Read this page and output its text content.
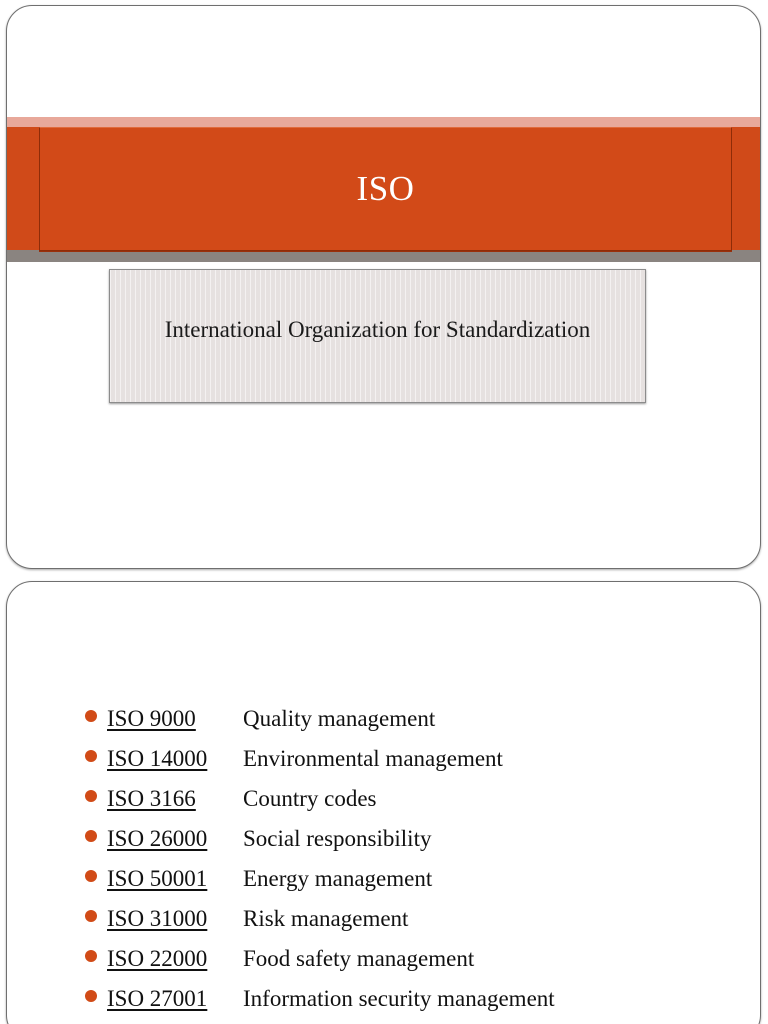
ISO
International Organization for Standardization
ISO 9000	Quality management
ISO 14000	Environmental management
ISO 3166	Country codes
ISO 26000	Social responsibility
ISO 50001	Energy management
ISO 31000	Risk management
ISO 22000	Food safety management
ISO 27001	Information security management
